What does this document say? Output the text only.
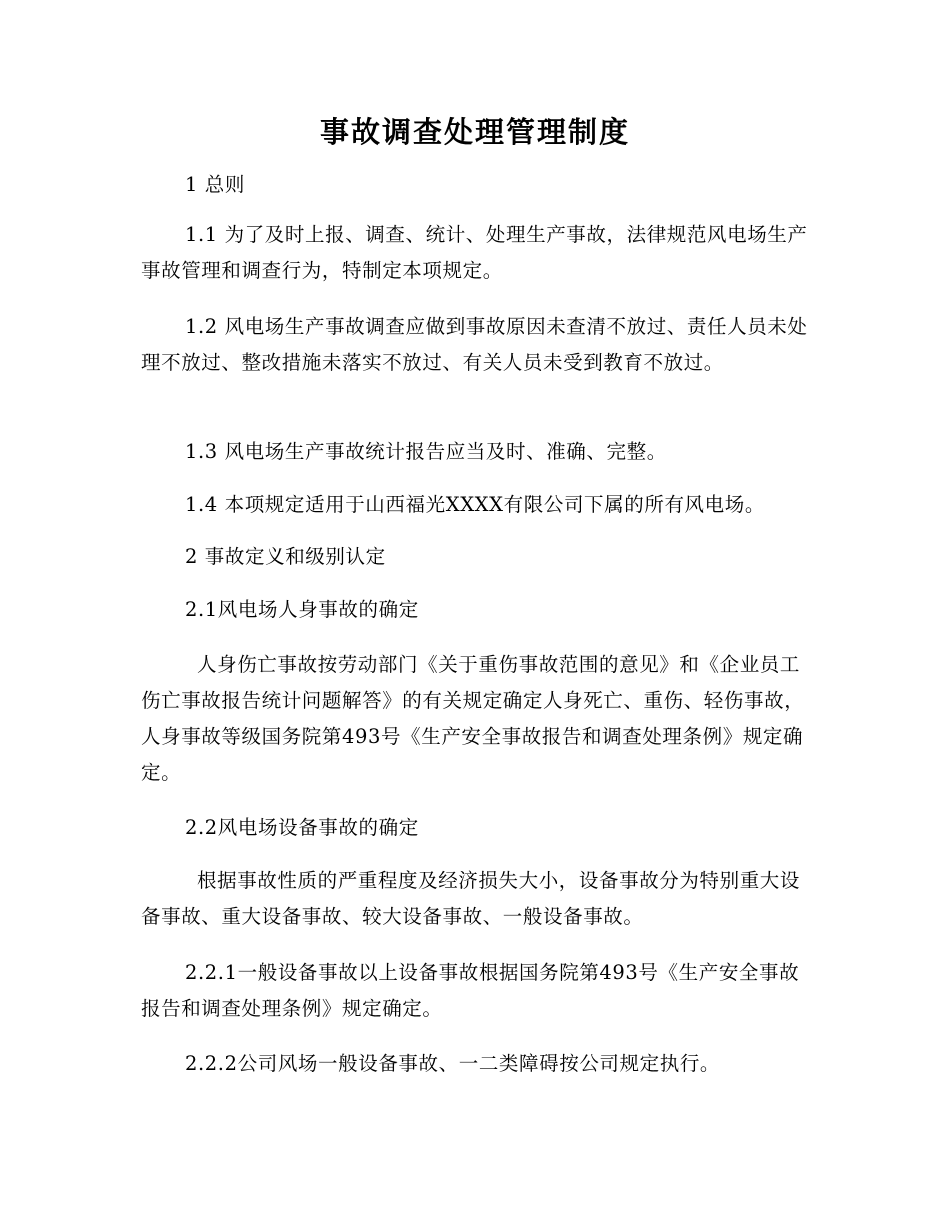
事故调查处理管理制度

1 总则

1.1 为了及时上报、调查、统计、处理生产事故，法律规范风电场生产事故管理和调查行为，特制定本项规定。

1.2 风电场生产事故调查应做到事故原因未查清不放过、责任人员未处理不放过、整改措施未落实不放过、有关人员未受到教育不放过。

1.3 风电场生产事故统计报告应当及时、准确、完整。

1.4 本项规定适用于山西福光XXXX有限公司下属的所有风电场。

2 事故定义和级别认定

2.1风电场人身事故的确定

人身伤亡事故按劳动部门《关于重伤事故范围的意见》和《企业员工伤亡事故报告统计问题解答》的有关规定确定人身死亡、重伤、轻伤事故，人身事故等级国务院第493号《生产安全事故报告和调查处理条例》规定确定。

2.2风电场设备事故的确定

根据事故性质的严重程度及经济损失大小，设备事故分为特别重大设备事故、重大设备事故、较大设备事故、一般设备事故。

2.2.1一般设备事故以上设备事故根据国务院第493号《生产安全事故报告和调查处理条例》规定确定。

2.2.2公司风场一般设备事故、一二类障碍按公司规定执行。
